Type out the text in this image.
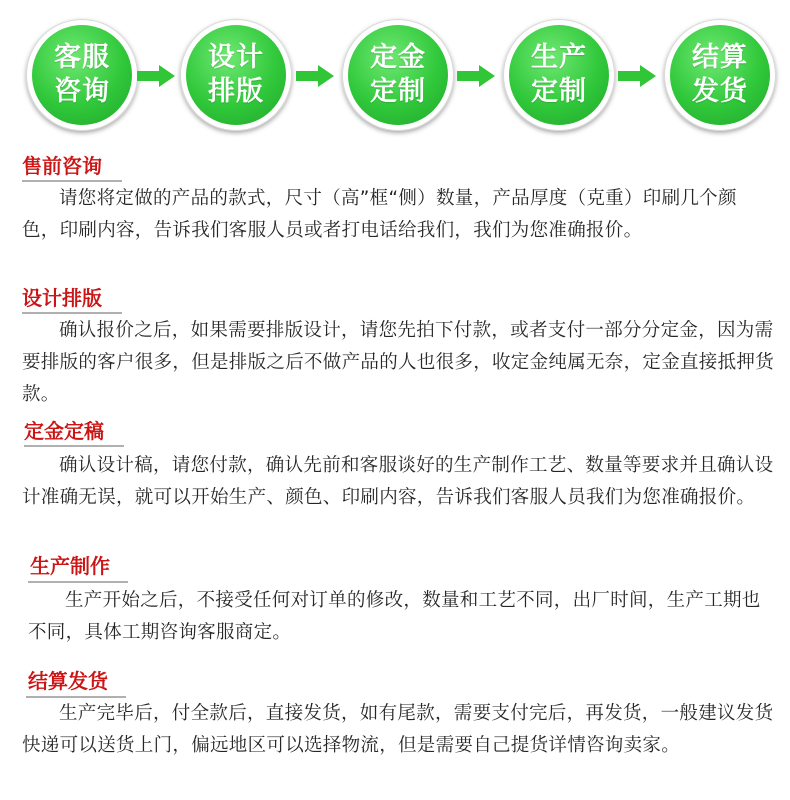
客服
咨询
设计
排版
定金
定制
生产
定制
结算
发货
售前咨询
请您将定做的产品的款式，尺寸（高”框“侧）数量，产品厚度（克重）印刷几个颜色，印刷内容，告诉我们客服人员或者打电话给我们，我们为您准确报价。
设计排版
确认报价之后，如果需要排版设计，请您先拍下付款，或者支付一部分分定金，因为需要排版的客户很多，但是排版之后不做产品的人也很多，收定金纯属无奈，定金直接抵押货款。
定金定稿
确认设计稿，请您付款，确认先前和客服谈好的生产制作工艺、数量等要求并且确认设计准确无误，就可以开始生产、颜色、印刷内容，告诉我们客服人员我们为您准确报价。
生产制作
生产开始之后，不接受任何对订单的修改，数量和工艺不同，出厂时间，生产工期也不同，具体工期咨询客服商定。
结算发货
生产完毕后，付全款后，直接发货，如有尾款，需要支付完后，再发货，一般建议发货快递可以送货上门，偏远地区可以选择物流，但是需要自己提货详情咨询卖家。
